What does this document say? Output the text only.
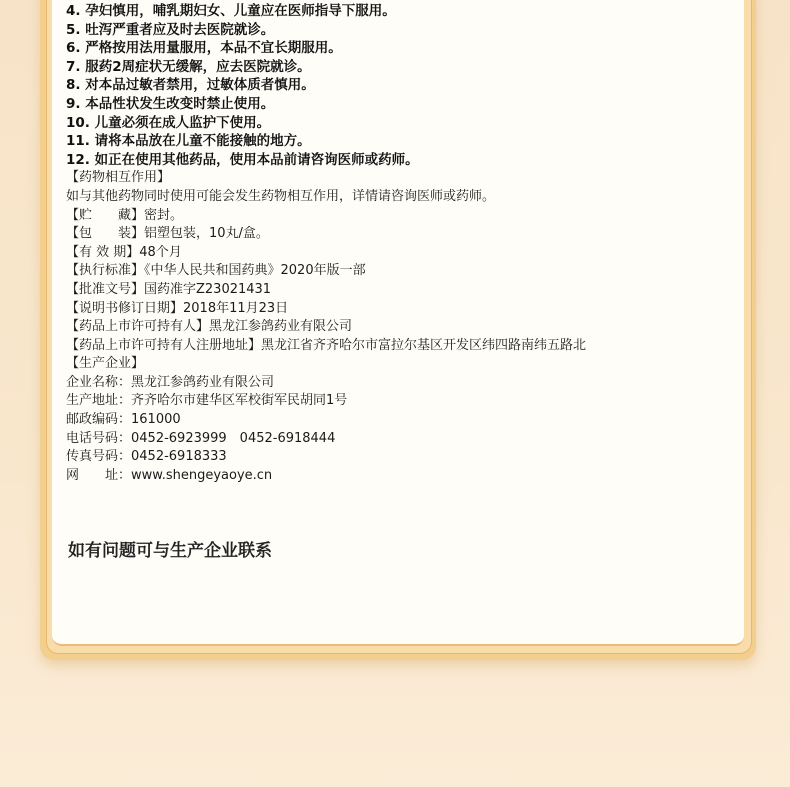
4. 孕妇慎用，哺乳期妇女、儿童应在医师指导下服用。
5. 吐泻严重者应及时去医院就诊。
6. 严格按用法用量服用，本品不宜长期服用。
7. 服药2周症状无缓解，应去医院就诊。
8. 对本品过敏者禁用，过敏体质者慎用。
9. 本品性状发生改变时禁止使用。
10. 儿童必须在成人监护下使用。
11. 请将本品放在儿童不能接触的地方。
12. 如正在使用其他药品，使用本品前请咨询医师或药师。
【药物相互作用】
如与其他药物同时使用可能会发生药物相互作用，详情请咨询医师或药师。
【贮　　藏】密封。
【包　　装】铝塑包装，10丸/盒。
【有 效 期】48个月
【执行标准】《中华人民共和国药典》2020年版一部
【批准文号】国药准字Z23021431
【说明书修订日期】2018年11月23日
【药品上市许可持有人】黑龙江参鸽药业有限公司
【药品上市许可持有人注册地址】黑龙江省齐齐哈尔市富拉尔基区开发区纬四路南纬五路北
【生产企业】
企业名称：黑龙江参鸽药业有限公司
生产地址：齐齐哈尔市建华区军校街军民胡同1号
邮政编码：161000
电话号码：0452-6923999　0452-6918444
传真号码：0452-6918333
网　　址：www.shengeyaoye.cn
如有问题可与生产企业联系
